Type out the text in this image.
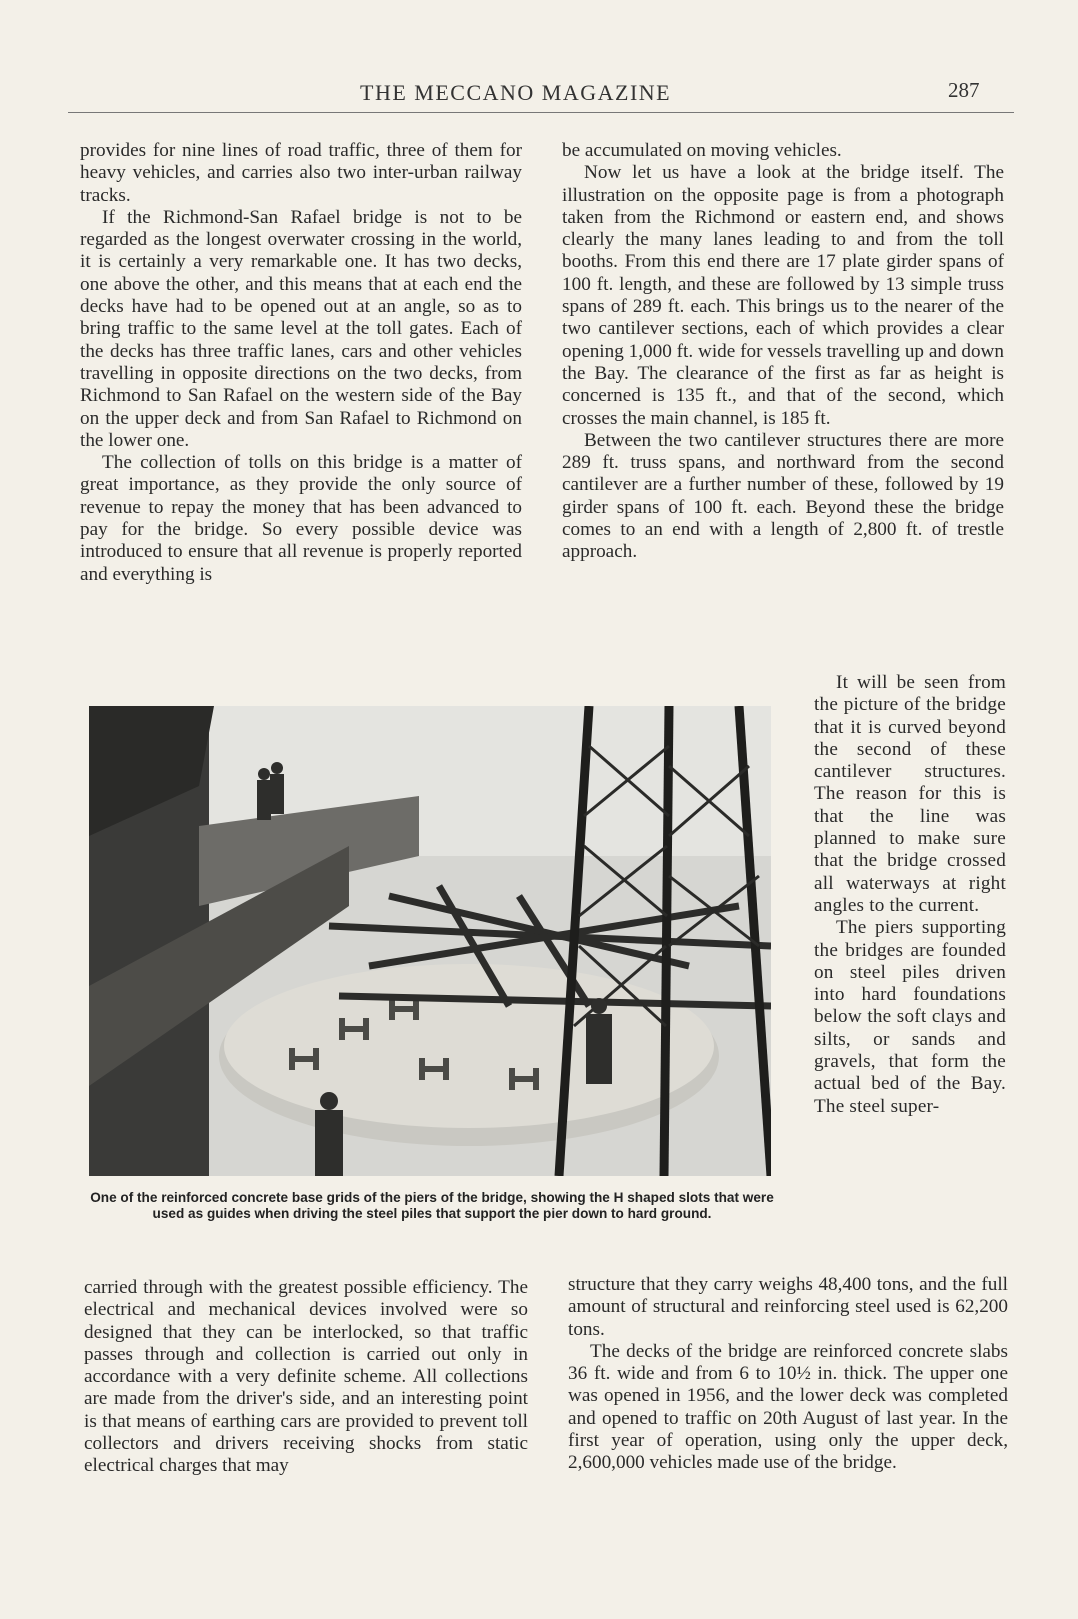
THE MECCANO MAGAZINE	287

provides for nine lines of road traffic, three of them for heavy vehicles, and carries also two inter-urban railway tracks.

If the Richmond-San Rafael bridge is not to be regarded as the longest overwater crossing in the world, it is certainly a very remarkable one. It has two decks, one above the other, and this means that at each end the decks have had to be opened out at an angle, so as to bring traffic to the same level at the toll gates. Each of the decks has three traffic lanes, cars and other vehicles travelling in opposite directions on the two decks, from Richmond to San Rafael on the western side of the Bay on the upper deck and from San Rafael to Richmond on the lower one.

The collection of tolls on this bridge is a matter of great importance, as they provide the only source of revenue to repay the money that has been advanced to pay for the bridge. So every possible device was introduced to ensure that all revenue is properly reported and everything is

be accumulated on moving vehicles.

Now let us have a look at the bridge itself. The illustration on the opposite page is from a photograph taken from the Richmond or eastern end, and shows clearly the many lanes leading to and from the toll booths. From this end there are 17 plate girder spans of 100 ft. length, and these are followed by 13 simple truss spans of 289 ft. each. This brings us to the nearer of the two cantilever sections, each of which provides a clear opening 1,000 ft. wide for vessels travelling up and down the Bay. The clearance of the first as far as height is concerned is 135 ft., and that of the second, which crosses the main channel, is 185 ft.

Between the two cantilever structures there are more 289 ft. truss spans, and northward from the second cantilever are a further number of these, followed by 19 girder spans of 100 ft. each. Beyond these the bridge comes to an end with a length of 2,800 ft. of trestle approach.

It will be seen from the picture of the bridge that it is curved beyond the second of these cantilever structures. The reason for this is that the line was planned to make sure that the bridge crossed all waterways at right angles to the current.

The piers supporting the bridges are founded on steel piles driven into hard foundations below the soft clays and silts, or sands and gravels, that form the actual bed of the Bay. The steel super-

One of the reinforced concrete base grids of the piers of the bridge, showing the H shaped slots that were used as guides when driving the steel piles that support the pier down to hard ground.

carried through with the greatest possible efficiency. The electrical and mechanical devices involved were so designed that they can be interlocked, so that traffic passes through and collection is carried out only in accordance with a very definite scheme. All collections are made from the driver's side, and an interesting point is that means of earthing cars are provided to prevent toll collectors and drivers receiving shocks from static electrical charges that may

structure that they carry weighs 48,400 tons, and the full amount of structural and reinforcing steel used is 62,200 tons.

The decks of the bridge are reinforced concrete slabs 36 ft. wide and from 6 to 10½ in. thick. The upper one was opened in 1956, and the lower deck was completed and opened to traffic on 20th August of last year. In the first year of operation, using only the upper deck, 2,600,000 vehicles made use of the bridge.
